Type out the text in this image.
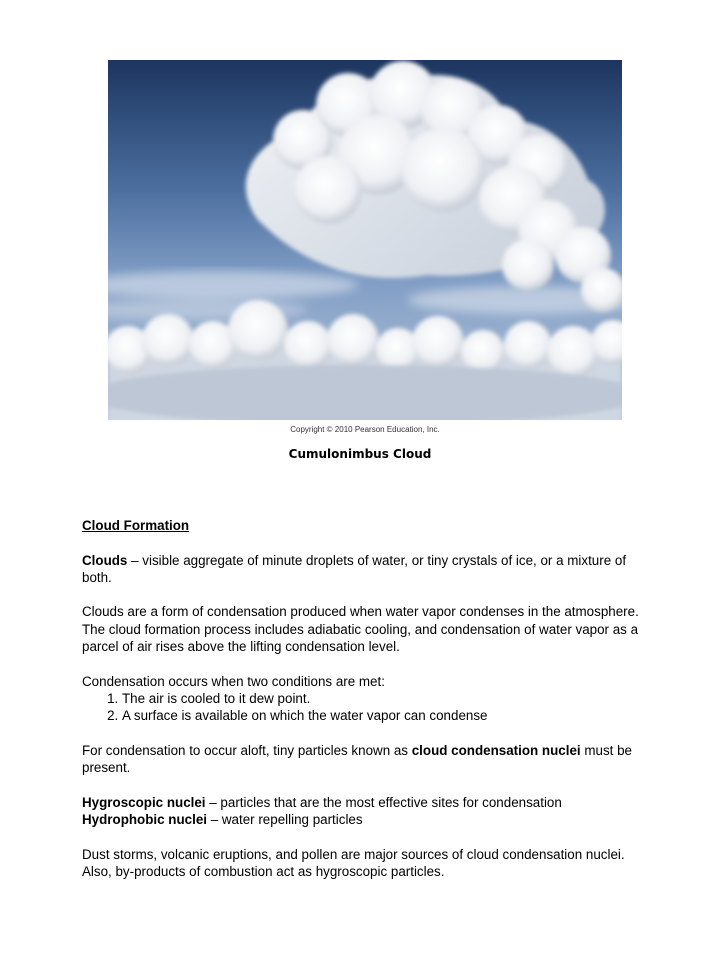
Copyright © 2010 Pearson Education, Inc.
Cumulonimbus Cloud

Cloud Formation

Clouds – visible aggregate of minute droplets of water, or tiny crystals of ice, or a mixture of both.

Clouds are a form of condensation produced when water vapor condenses in the atmosphere. The cloud formation process includes adiabatic cooling, and condensation of water vapor as a parcel of air rises above the lifting condensation level.

Condensation occurs when two conditions are met:

1. The air is cooled to it dew point.
2. A surface is available on which the water vapor can condense

For condensation to occur aloft, tiny particles known as cloud condensation nuclei must be present.

Hygroscopic nuclei – particles that are the most effective sites for condensation

Hydrophobic nuclei – water repelling particles

Dust storms, volcanic eruptions, and pollen are major sources of cloud condensation nuclei. Also, by-products of combustion act as hygroscopic particles.
